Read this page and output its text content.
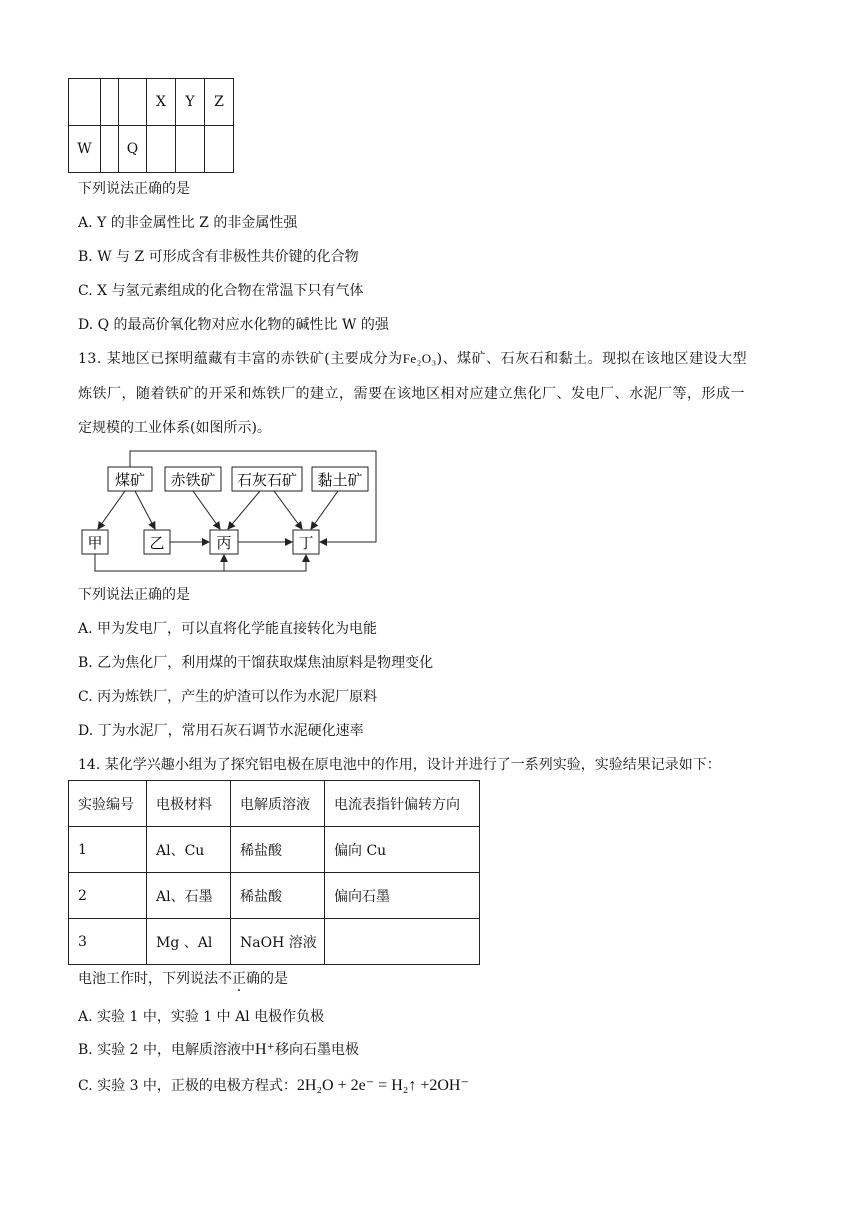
			X	Y	Z
W		Q			
下列说法正确的是
A. Y 的非金属性比 Z 的非金属性强
B. W 与 Z 可形成含有非极性共价键的化合物
C. X 与氢元素组成的化合物在常温下只有气体
D. Q 的最高价氧化物对应水化物的碱性比 W 的强
13. 某地区已探明蕴藏有丰富的赤铁矿(主要成分为Fe₂O₃)、煤矿、石灰石和黏土。现拟在该地区建设大型
炼铁厂，随着铁矿的开采和炼铁厂的建立，需要在该地区相对应建立焦化厂、发电厂、水泥厂等，形成一
定规模的工业体系(如图所示)。
煤矿 赤铁矿 石灰石矿 黏土矿
甲	乙	丙	丁
下列说法正确的是
A. 甲为发电厂，可以直将化学能直接转化为电能
B. 乙为焦化厂，利用煤的干馏获取煤焦油原料是物理变化
C. 丙为炼铁厂，产生的炉渣可以作为水泥厂原料
D. 丁为水泥厂，常用石灰石调节水泥硬化速率
14. 某化学兴趣小组为了探究铝电极在原电池中的作用，设计并进行了一系列实验，实验结果记录如下：
实验编号	电极材料	电解质溶液	电流表指针偏转方向
1	Al、Cu	稀盐酸	偏向 Cu
2	Al、石墨	稀盐酸	偏向石墨
3	Mg 、Al	NaOH 溶液	
电池工作时，下列说法不正确的是
A. 实验 1 中，实验 1 中 Al 电极作负极
B. 实验 2 中，电解质溶液中H⁺移向石墨电极
C. 实验 3 中，正极的电极方程式：2H₂O + 2e⁻ = H₂↑ +2OH⁻
